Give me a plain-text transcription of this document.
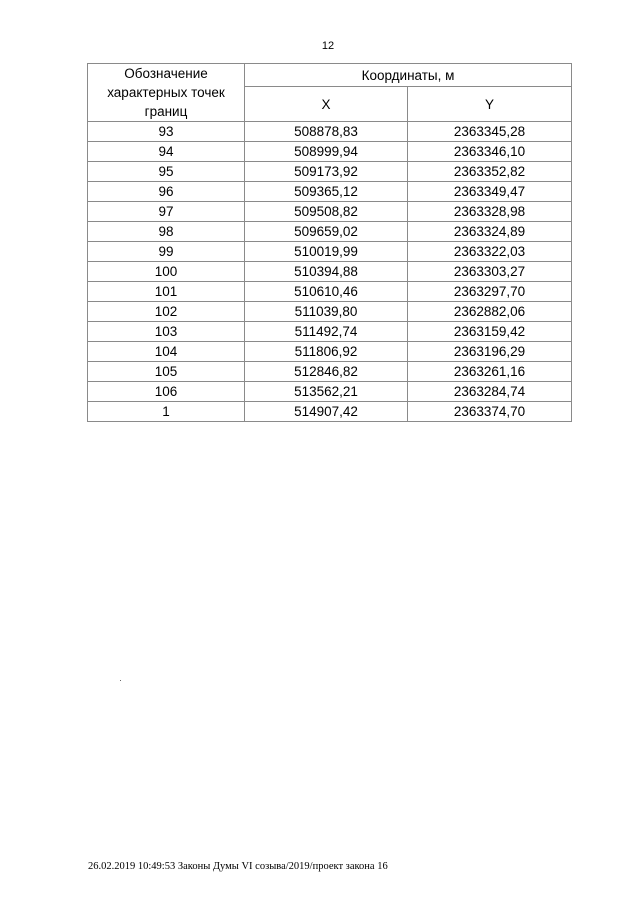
12
Обозначение
характерных точек
границ	Координаты, м	
	X	Y
93	508878,83	2363345,28
94	508999,94	2363346,10
95	509173,92	2363352,82
96	509365,12	2363349,47
97	509508,82	2363328,98
98	509659,02	2363324,89
99	510019,99	2363322,03
100	510394,88	2363303,27
101	510610,46	2363297,70
102	511039,80	2362882,06
103	511492,74	2363159,42
104	511806,92	2363196,29
105	512846,82	2363261,16
106	513562,21	2363284,74
1	514907,42	2363374,70
26.02.2019 10:49:53 Законы Думы VI созыва/2019/проект закона 16
